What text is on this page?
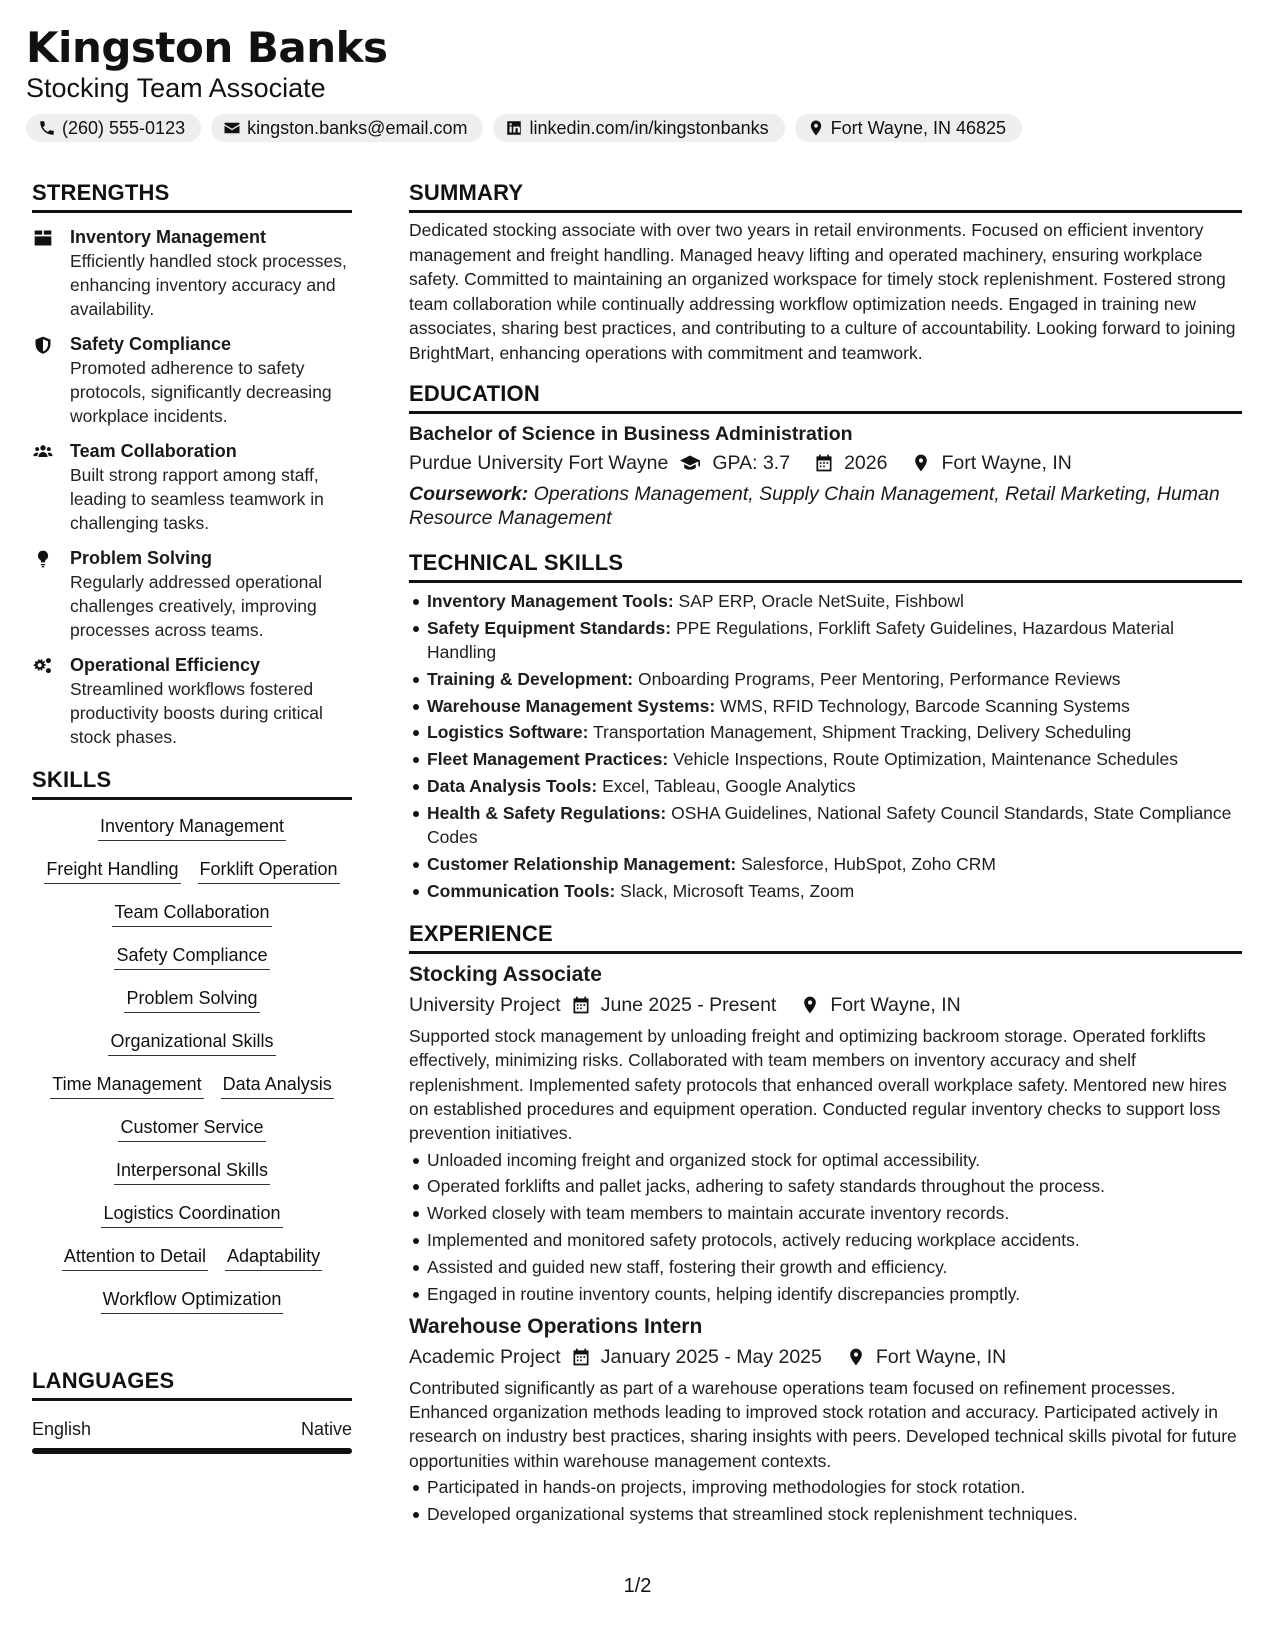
Kingston Banks
Stocking Team Associate
(260) 555-0123	kingston.banks@email.com	linkedin.com/in/kingstonbanks	Fort Wayne, IN 46825
STRENGTHS
Inventory Management
Efficiently handled stock processes, enhancing inventory accuracy and availability.
Safety Compliance
Promoted adherence to safety protocols, significantly decreasing workplace incidents.
Team Collaboration
Built strong rapport among staff, leading to seamless teamwork in challenging tasks.
Problem Solving
Regularly addressed operational challenges creatively, improving processes across teams.
Operational Efficiency
Streamlined workflows fostered productivity boosts during critical stock phases.
SKILLS
Inventory Management
Freight Handling Forklift Operation
Team Collaboration
Safety Compliance
Problem Solving
Organizational Skills
Time Management Data Analysis
Customer Service
Interpersonal Skills
Logistics Coordination
Attention to Detail Adaptability
Workflow Optimization
LANGUAGES
English	Native
SUMMARY
Dedicated stocking associate with over two years in retail environments. Focused on efficient inventory management and freight handling. Managed heavy lifting and operated machinery, ensuring workplace safety. Committed to maintaining an organized workspace for timely stock replenishment. Fostered strong team collaboration while continually addressing workflow optimization needs. Engaged in training new associates, sharing best practices, and contributing to a culture of accountability. Looking forward to joining BrightMart, enhancing operations with commitment and teamwork.
EDUCATION
Bachelor of Science in Business Administration
Purdue University Fort Wayne GPA: 3.7	2026	Fort Wayne, IN
Coursework: Operations Management, Supply Chain Management, Retail Marketing, Human Resource Management
TECHNICAL SKILLS
Inventory Management Tools: SAP ERP, Oracle NetSuite, Fishbowl
Safety Equipment Standards: PPE Regulations, Forklift Safety Guidelines, Hazardous Material Handling
Training & Development: Onboarding Programs, Peer Mentoring, Performance Reviews
Warehouse Management Systems: WMS, RFID Technology, Barcode Scanning Systems
Logistics Software: Transportation Management, Shipment Tracking, Delivery Scheduling
Fleet Management Practices: Vehicle Inspections, Route Optimization, Maintenance Schedules
Data Analysis Tools: Excel, Tableau, Google Analytics
Health & Safety Regulations: OSHA Guidelines, National Safety Council Standards, State Compliance Codes
Customer Relationship Management: Salesforce, HubSpot, Zoho CRM
Communication Tools: Slack, Microsoft Teams, Zoom
EXPERIENCE
Stocking Associate
University Project June 2025 - Present	Fort Wayne, IN
Supported stock management by unloading freight and optimizing backroom storage. Operated forklifts effectively, minimizing risks. Collaborated with team members on inventory accuracy and shelf replenishment. Implemented safety protocols that enhanced overall workplace safety. Mentored new hires on established procedures and equipment operation. Conducted regular inventory checks to support loss prevention initiatives.
Unloaded incoming freight and organized stock for optimal accessibility.
Operated forklifts and pallet jacks, adhering to safety standards throughout the process.
Worked closely with team members to maintain accurate inventory records.
Implemented and monitored safety protocols, actively reducing workplace accidents.
Assisted and guided new staff, fostering their growth and efficiency.
Engaged in routine inventory counts, helping identify discrepancies promptly.
Warehouse Operations Intern
Academic Project January 2025 - May 2025	Fort Wayne, IN
Contributed significantly as part of a warehouse operations team focused on refinement processes. Enhanced organization methods leading to improved stock rotation and accuracy. Participated actively in research on industry best practices, sharing insights with peers. Developed technical skills pivotal for future opportunities within warehouse management contexts.
Participated in hands-on projects, improving methodologies for stock rotation.
Developed organizational systems that streamlined stock replenishment techniques.
1/2
